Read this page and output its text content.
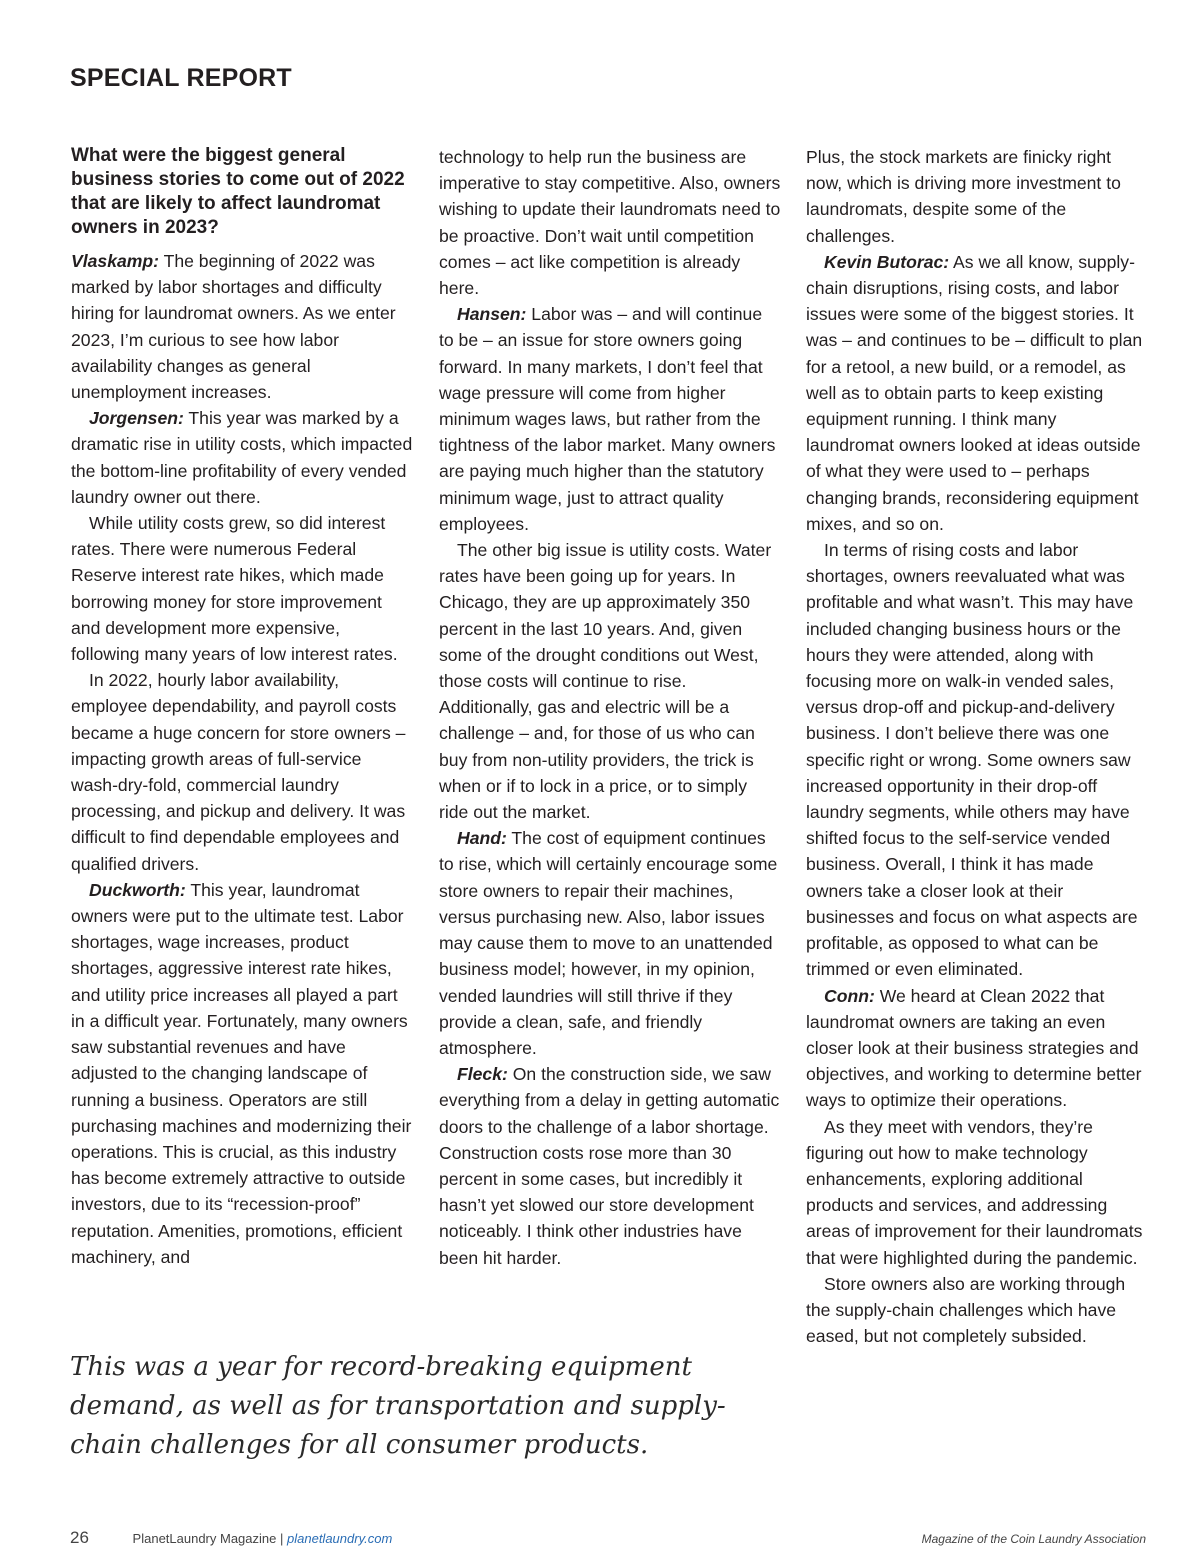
SPECIAL REPORT

What were the biggest general business stories to come out of 2022 that are likely to affect laundromat owners in 2023?

Vlaskamp: The beginning of 2022 was marked by labor shortages and difficulty hiring for laundromat owners. As we enter 2023, I’m curious to see how labor availability changes as general unemployment increases.

Jorgensen: This year was marked by a dramatic rise in utility costs, which impacted the bottom-line profitability of every vended laundry owner out there.

While utility costs grew, so did interest rates. There were numerous Federal Reserve interest rate hikes, which made borrowing money for store improvement and development more expensive, following many years of low interest rates.

In 2022, hourly labor availability, employee dependability, and payroll costs became a huge concern for store owners – impacting growth areas of full-service wash-dry-fold, commercial laundry processing, and pickup and delivery. It was difficult to find dependable employees and qualified drivers.

Duckworth: This year, laundromat owners were put to the ultimate test. Labor shortages, wage increases, product shortages, aggressive interest rate hikes, and utility price increases all played a part in a difficult year. Fortunately, many owners saw substantial revenues and have adjusted to the changing landscape of running a business. Operators are still purchasing machines and modernizing their operations. This is crucial, as this industry has become extremely attractive to outside investors, due to its “recession-proof” reputation. Amenities, promotions, efficient machinery, and

technology to help run the business are imperative to stay competitive. Also, owners wishing to update their laundromats need to be proactive. Don’t wait until competition comes – act like competition is already here.

Hansen: Labor was – and will continue to be – an issue for store owners going forward. In many markets, I don’t feel that wage pressure will come from higher minimum wages laws, but rather from the tightness of the labor market. Many owners are paying much higher than the statutory minimum wage, just to attract quality employees.

The other big issue is utility costs. Water rates have been going up for years. In Chicago, they are up approximately 350 percent in the last 10 years. And, given some of the drought conditions out West, those costs will continue to rise. Additionally, gas and electric will be a challenge – and, for those of us who can buy from non-utility providers, the trick is when or if to lock in a price, or to simply ride out the market.

Hand: The cost of equipment continues to rise, which will certainly encourage some store owners to repair their machines, versus purchasing new. Also, labor issues may cause them to move to an unattended business model; however, in my opinion, vended laundries will still thrive if they provide a clean, safe, and friendly atmosphere.

Fleck: On the construction side, we saw everything from a delay in getting automatic doors to the challenge of a labor shortage. Construction costs rose more than 30 percent in some cases, but incredibly it hasn’t yet slowed our store development noticeably. I think other industries have been hit harder.

Plus, the stock markets are finicky right now, which is driving more investment to laundromats, despite some of the challenges.

Kevin Butorac: As we all know, supply-chain disruptions, rising costs, and labor issues were some of the biggest stories. It was – and continues to be – difficult to plan for a retool, a new build, or a remodel, as well as to obtain parts to keep existing equipment running. I think many laundromat owners looked at ideas outside of what they were used to – perhaps changing brands, reconsidering equipment mixes, and so on.

In terms of rising costs and labor shortages, owners reevaluated what was profitable and what wasn’t. This may have included changing business hours or the hours they were attended, along with focusing more on walk-in vended sales, versus drop-off and pickup-and-delivery business. I don’t believe there was one specific right or wrong. Some owners saw increased opportunity in their drop-off laundry segments, while others may have shifted focus to the self-service vended business. Overall, I think it has made owners take a closer look at their businesses and focus on what aspects are profitable, as opposed to what can be trimmed or even eliminated.

Conn: We heard at Clean 2022 that laundromat owners are taking an even closer look at their business strategies and objectives, and working to determine better ways to optimize their operations.

As they meet with vendors, they’re figuring out how to make technology enhancements, exploring additional products and services, and addressing areas of improvement for their laundromats that were highlighted during the pandemic.

Store owners also are working through the supply-chain challenges which have eased, but not completely subsided.

This was a year for record-breaking equipment demand, as well as for transportation and supply-chain challenges for all consumer products.
26	PlanetLaundry Magazine | planetlaundry.com	Magazine of the Coin Laundry Association
